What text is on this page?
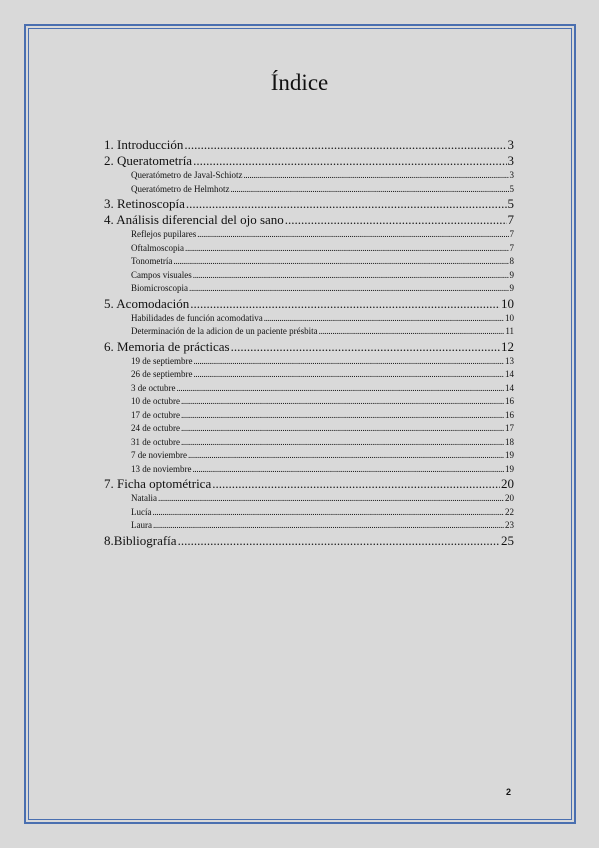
Índice
1. Introducción .....	3
2. Queratometría .....	3
Queratómetro de Javal-Schiotz .....	3
Queratómetro de Helmhotz .....	5
3. Retinoscopía .....	5
4. Análisis diferencial del ojo sano .....	7
Reflejos pupilares .....	7
Oftalmoscopia .....	7
Tonometría .....	8
Campos visuales .....	9
Biomicroscopia .....	9
5. Acomodación .....	10
Habilidades de función acomodativa .....	10
Determinación de la adicion de un paciente présbita .....	11
6. Memoria de prácticas .....	12
19 de septiembre .....	13
26 de septiembre .....	14
3 de octubre .....	14
10 de octubre .....	16
17 de octubre .....	16
24 de octubre .....	17
31 de octubre .....	18
7 de noviembre .....	19
13 de noviembre .....	19
7. Ficha optométrica .....	20
Natalia .....	20
Lucía .....	22
Laura .....	23
8.Bibliografía .....	25
2
